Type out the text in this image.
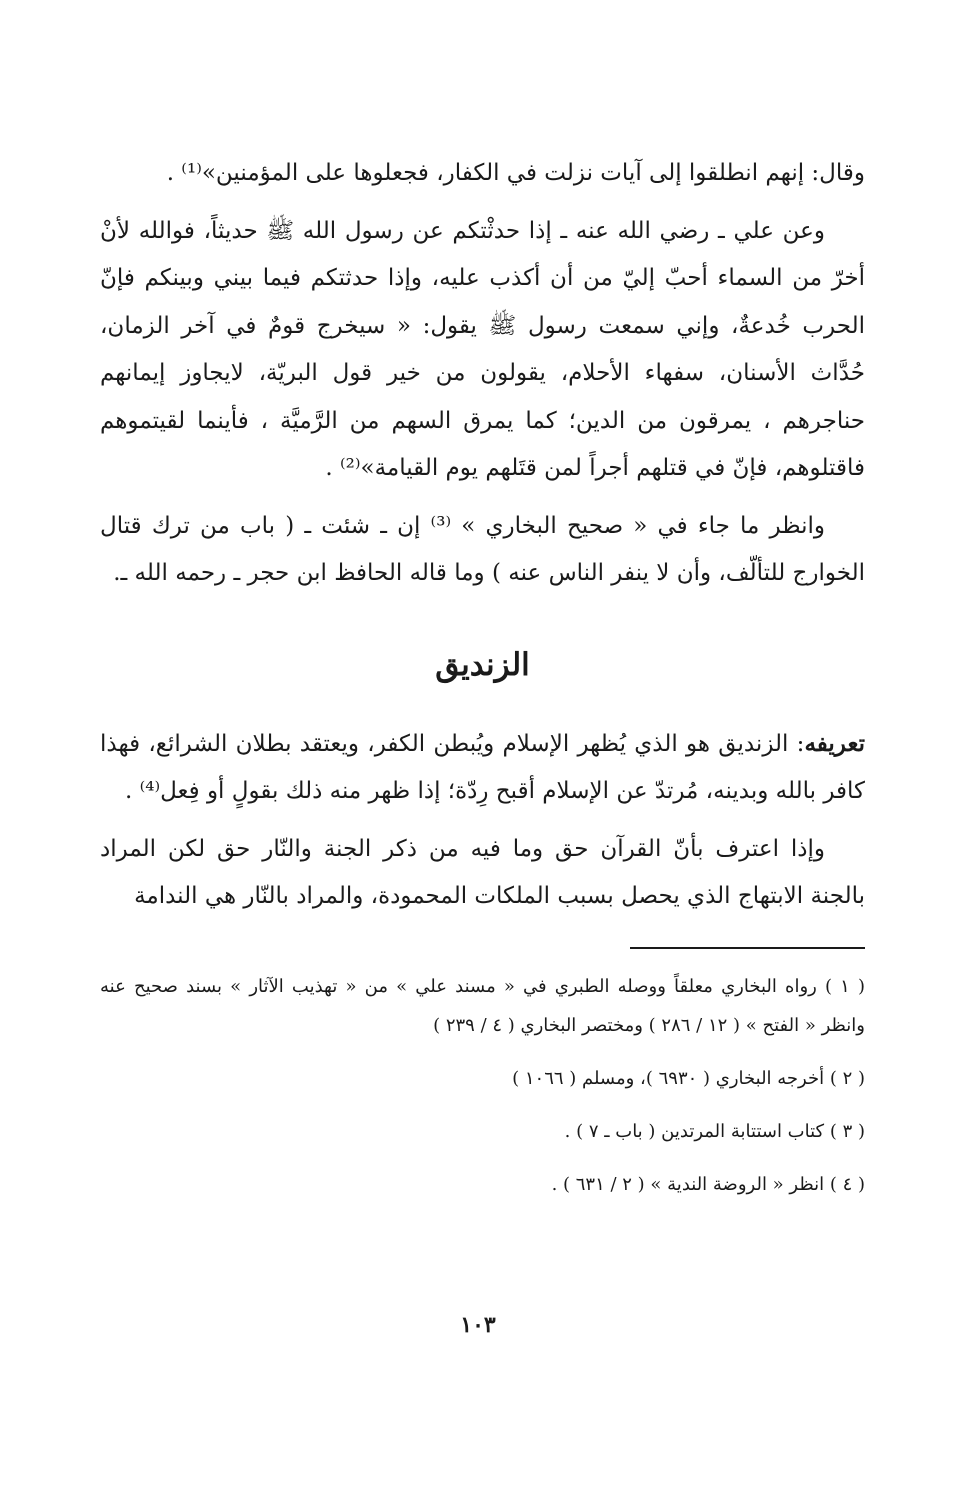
وقال: إنهم انطلقوا إلى آيات نزلت في الكفار، فجعلوها على المؤمنين»⁽¹⁾ .

وعن علي ـ رضي الله عنه ـ إذا حدثْتكم عن رسول الله ﷺ حديثاً، فوالله لأنْ أخرّ من السماء أحبّ إليّ من أن أكذب عليه، وإذا حدثتكم فيما بيني وبينكم فإنّ الحرب خُدعةٌ، وإني سمعت رسول ﷺ يقول: « سيخرج قومٌ في آخر الزمان، حُدَّاث الأسنان، سفهاء الأحلام، يقولون من خير قول البريّة، لايجاوز إيمانهم حناجرهم ، يمرقون من الدين؛ كما يمرق السهم من الرَّميَّة ، فأينما لقيتموهم فاقتلوهم، فإنّ في قتلهم أجراً لمن قتَلهم يوم القيامة»⁽²⁾ .

وانظر ما جاء في « صحيح البخاري » ⁽³⁾ إن ـ شئت ـ ( باب من ترك قتال الخوارج للتألّف، وأن لا ينفر الناس عنه ) وما قاله الحافظ ابن حجر ـ رحمه الله ـ.

الزنديق

تعريفه: الزنديق هو الذي يُظهر الإسلام ويُبطن الكفر، ويعتقد بطلان الشرائع، فهذا كافر بالله وبدينه، مُرتدّ عن الإسلام أقبح رِدّة؛ إذا ظهر منه ذلك بقولٍ أو فِعل⁽⁴⁾ .

وإذا اعترف بأنّ القرآن حق وما فيه من ذكر الجنة والنّار حق لكن المراد بالجنة الابتهاج الذي يحصل بسبب الملكات المحمودة، والمراد بالنّار هي الندامة

( ١ ) رواه البخاري معلقاً ووصله الطبري في « مسند علي » من « تهذيب الآثار » بسند صحيح عنه وانظر « الفتح » ( ١٢ / ٢٨٦ ) ومختصر البخاري ( ٤ / ٢٣٩ )

( ٢ ) أخرجه البخاري ( ٦٩٣٠ )، ومسلم ( ١٠٦٦ )

( ٣ ) كتاب استتابة المرتدين ( باب ـ ٧ ) .

( ٤ ) انظر « الروضة الندية » ( ٢ / ٦٣١ ) .

١٠٣
